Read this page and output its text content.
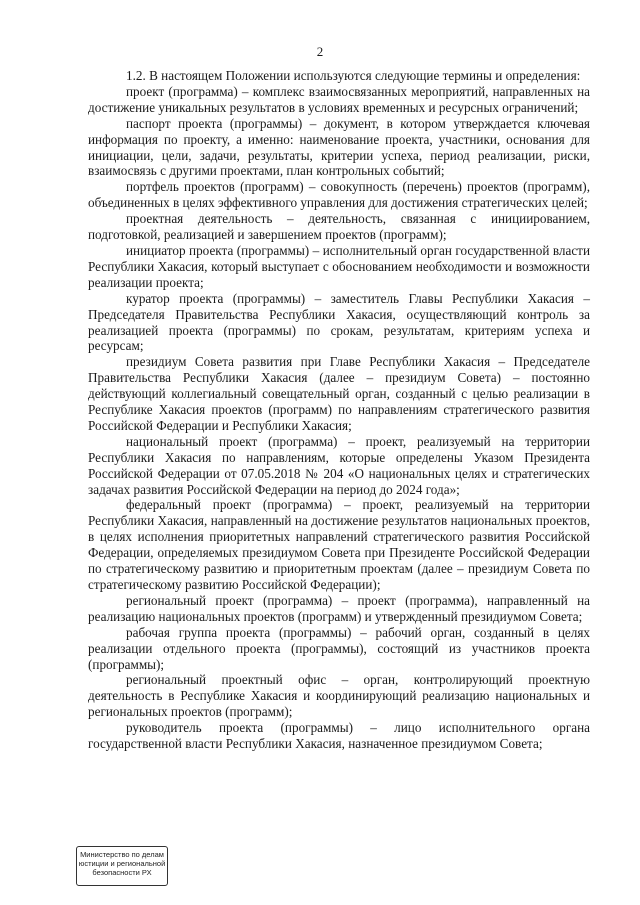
2

1.2. В настоящем Положении используются следующие термины и определения:

проект (программа) – комплекс взаимосвязанных мероприятий, направленных на достижение уникальных результатов в условиях временных и ресурсных ограничений;

паспорт проекта (программы) – документ, в котором утверждается ключевая информация по проекту, а именно: наименование проекта, участники, основания для инициации, цели, задачи, результаты, критерии успеха, период реализации, риски, взаимосвязь с другими проектами, план контрольных событий;

портфель проектов (программ) – совокупность (перечень) проектов (программ), объединенных в целях эффективного управления для достижения стратегических целей;

проектная деятельность – деятельность, связанная с инициированием, подготовкой, реализацией и завершением проектов (программ);

инициатор проекта (программы) – исполнительный орган государственной власти Республики Хакасия, который выступает с обоснованием необходимости и возможности реализации проекта;

куратор проекта (программы) – заместитель Главы Республики Хакасия – Председателя Правительства Республики Хакасия, осуществляющий контроль за реализацией проекта (программы) по срокам, результатам, критериям успеха и ресурсам;

президиум Совета развития при Главе Республики Хакасия – Председателе Правительства Республики Хакасия (далее – президиум Совета) – постоянно действующий коллегиальный совещательный орган, созданный с целью реализации в Республике Хакасия проектов (программ) по направлениям стратегического развития Российской Федерации и Республики Хакасия;

национальный проект (программа) – проект, реализуемый на территории Республики Хакасия по направлениям, которые определены Указом Президента Российской Федерации от 07.05.2018 № 204 «О национальных целях и стратегических задачах развития Российской Федерации на период до 2024 года»;

федеральный проект (программа) – проект, реализуемый на территории Республики Хакасия, направленный на достижение результатов национальных проектов, в целях исполнения приоритетных направлений стратегического развития Российской Федерации, определяемых президиумом Совета при Президенте Российской Федерации по стратегическому развитию и приоритетным проектам (далее – президиум Совета по стратегическому развитию Российской Федерации);

региональный проект (программа) – проект (программа), направленный на реализацию национальных проектов (программ) и утвержденный президиумом Совета;

рабочая группа проекта (программы) – рабочий орган, созданный в целях реализации отдельного проекта (программы), состоящий из участников проекта (программы);

региональный проектный офис – орган, контролирующий проектную деятельность в Республике Хакасия и координирующий реализацию национальных и региональных проектов (программ);

руководитель проекта (программы) – лицо исполнительного органа государственной власти Республики Хакасия, назначенное президиумом Совета;

Министерство по делам
юстиции и региональной
безопасности РХ
